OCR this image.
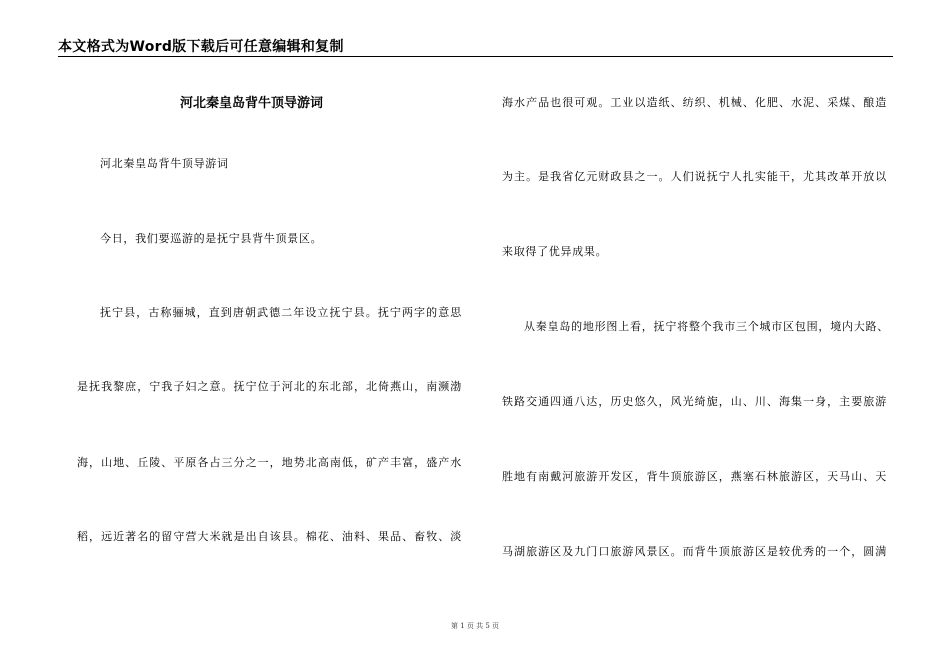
本文格式为Word版下载后可任意编辑和复制
河北秦皇岛背牛顶导游词
河北秦皇岛背牛顶导游词
今日，我们要巡游的是抚宁县背牛顶景区。
抚宁县，古称骊城，直到唐朝武德二年设立抚宁县。抚宁两字的意思
是抚我黎庶，宁我子妇之意。抚宁位于河北的东北部，北倚燕山，南濒渤
海，山地、丘陵、平原各占三分之一，地势北高南低，矿产丰富，盛产水
稻，远近著名的留守营大米就是出自该县。棉花、油料、果品、畜牧、淡
海水产品也很可观。工业以造纸、纺织、机械、化肥、水泥、采煤、酿造
为主。是我省亿元财政县之一。人们说抚宁人扎实能干，尤其改革开放以
来取得了优异成果。
从秦皇岛的地形图上看，抚宁将整个我市三个城市区包围，境内大路、
铁路交通四通八达，历史悠久，风光绮旎，山、川、海集一身，主要旅游
胜地有南戴河旅游开发区，背牛顶旅游区，燕塞石林旅游区，天马山、天
马湖旅游区及九门口旅游风景区。而背牛顶旅游区是较优秀的一个，圆满
第 1 页 共 5 页
